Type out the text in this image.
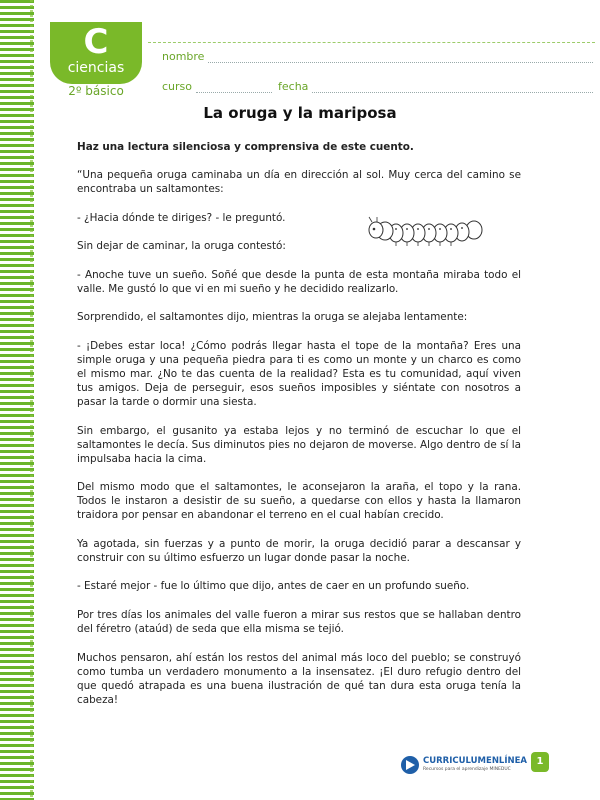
C
ciencias
2º básico
nombre
curso	fecha
La oruga y la mariposa

Haz una lectura silenciosa y comprensiva de este cuento.

“Una pequeña oruga caminaba un día en dirección al sol. Muy cerca del camino se encontraba un saltamontes:

- ¿Hacia dónde te diriges? - le preguntó.

Sin dejar de caminar, la oruga contestó:

- Anoche tuve un sueño. Soñé que desde la punta de esta montaña miraba todo el valle. Me gustó lo que vi en mi sueño y he decidido realizarlo.

Sorprendido, el saltamontes dijo, mientras la oruga se alejaba lentamente:

- ¡Debes estar loca! ¿Cómo podrás llegar hasta el tope de la montaña? Eres una simple oruga y una pequeña piedra para ti es como un monte y un charco es como el mismo mar. ¿No te das cuenta de la realidad? Esta es tu comunidad, aquí viven tus amigos. Deja de perseguir, esos sueños imposibles y siéntate con nosotros a pasar la tarde o dormir una siesta.

Sin embargo, el gusanito ya estaba lejos y no terminó de escuchar lo que el saltamontes le decía. Sus diminutos pies no dejaron de moverse. Algo dentro de sí la impulsaba hacia la cima.

Del mismo modo que el saltamontes, le aconsejaron la araña, el topo y la rana. Todos le instaron a desistir de su sueño, a quedarse con ellos y hasta la llamaron traidora por pensar en abandonar el terreno en el cual habían crecido.

Ya agotada, sin fuerzas y a punto de morir, la oruga decidió parar a descansar y construir con su último esfuerzo un lugar donde pasar la noche.

- Estaré mejor - fue lo último que dijo, antes de caer en un profundo sueño.

Por tres días los animales del valle fueron a mirar sus restos que se hallaban dentro del féretro (ataúd) de seda que ella misma se tejió.

Muchos pensaron, ahí están los restos del animal más loco del pueblo; se construyó como tumba un verdadero monumento a la insensatez. ¡El duro refugio dentro del que quedó atrapada es una buena ilustración de qué tan dura esta oruga tenía la cabeza!

CURRICULUMENLÍNEA
Recursos para el aprendizaje MINEDUC
1
